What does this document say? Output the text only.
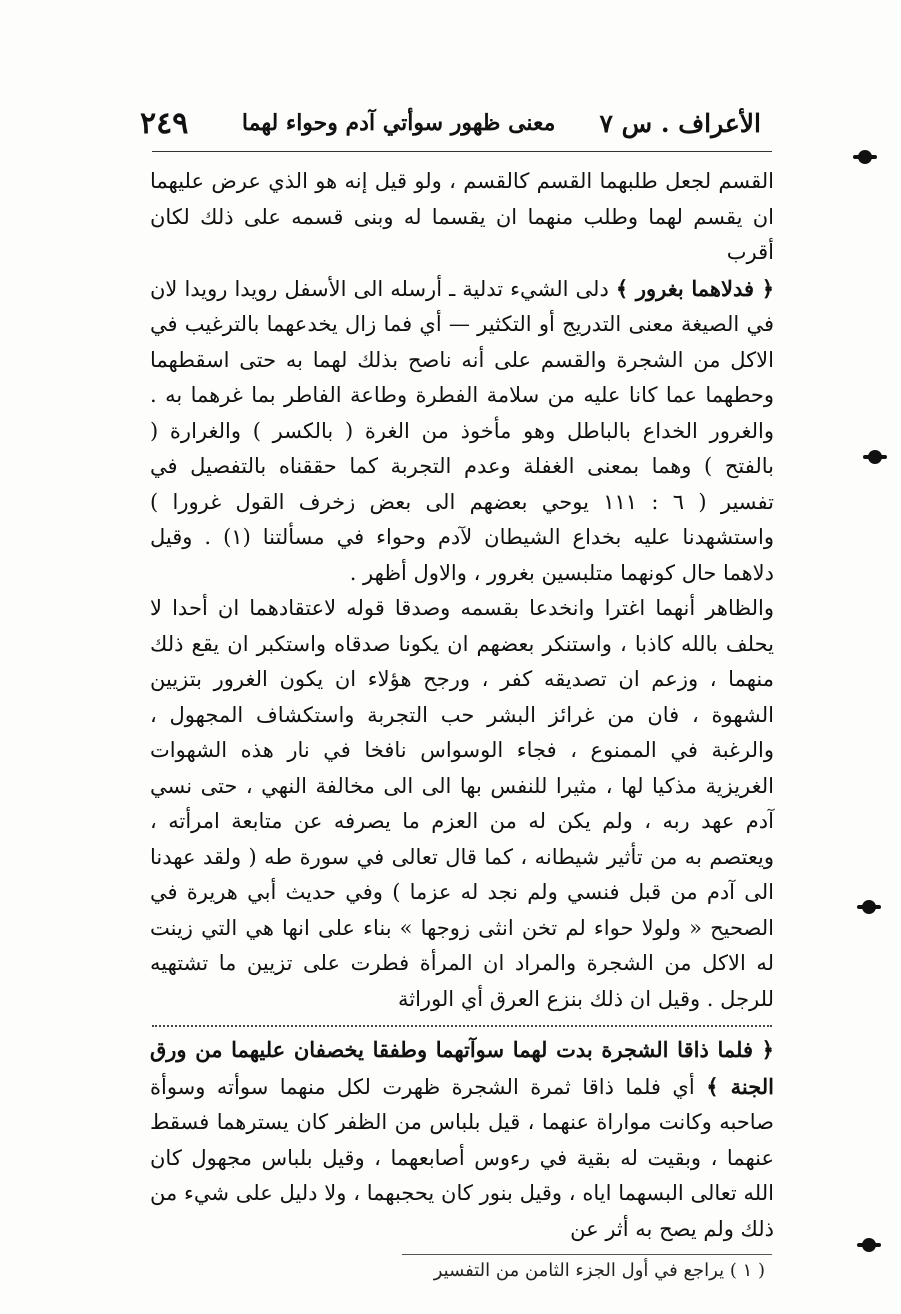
الأعراف . س ٧
معنى ظهور سوأتي آدم وحواء لهما
٢٤٩

القسم لجعل طلبهما القسم كالقسم ، ولو قيل إنه هو الذي عرض عليهما ان يقسم لهما وطلب منهما ان يقسما له وبنى قسمه على ذلك لكان أقرب

﴿ فدلاهما بغرور ﴾ دلى الشيء تدلية ـ أرسله الى الأسفل رويدا رويدا لان في الصيغة معنى التدريج أو التكثير — أي فما زال يخدعهما بالترغيب في الاكل من الشجرة والقسم على أنه ناصح بذلك لهما به حتى اسقطهما وحطهما عما كانا عليه من سلامة الفطرة وطاعة الفاطر بما غرهما به . والغرور الخداع بالباطل وهو مأخوذ من الغرة ( بالكسر ) والغرارة ( بالفتح ) وهما بمعنى الغفلة وعدم التجربة كما حققناه بالتفصيل في تفسير ( ٦ : ١١١ يوحي بعضهم الى بعض زخرف القول غرورا ) واستشهدنا عليه بخداع الشيطان لآدم وحواء في مسألتنا (١) . وقيل دلاهما حال كونهما متلبسين بغرور ، والاول أظهر .

والظاهر أنهما اغترا وانخدعا بقسمه وصدقا قوله لاعتقادهما ان أحدا لا يحلف بالله كاذبا ، واستنكر بعضهم ان يكونا صدقاه واستكبر ان يقع ذلك منهما ، وزعم ان تصديقه كفر ، ورجح هؤلاء ان يكون الغرور بتزيين الشهوة ، فان من غرائز البشر حب التجربة واستكشاف المجهول ، والرغبة في الممنوع ، فجاء الوسواس نافخا في نار هذه الشهوات الغريزية مذكيا لها ، مثيرا للنفس بها الى الى مخالفة النهي ، حتى نسي آدم عهد ربه ، ولم يكن له من العزم ما يصرفه عن متابعة امرأته ، ويعتصم به من تأثير شيطانه ، كما قال تعالى في سورة طه ( ولقد عهدنا الى آدم من قبل فنسي ولم نجد له عزما ) وفي حديث أبي هريرة في الصحيح « ولولا حواء لم تخن انثى زوجها » بناء على انها هي التي زينت له الاكل من الشجرة والمراد ان المرأة فطرت على تزيين ما تشتهيه للرجل . وقيل ان ذلك بنزع العرق أي الوراثة

﴿ فلما ذاقا الشجرة بدت لهما سوآتهما وطفقا يخصفان عليهما من ورق الجنة ﴾ أي فلما ذاقا ثمرة الشجرة ظهرت لكل منهما سوأته وسوأة صاحبه وكانت مواراة عنهما ، قيل بلباس من الظفر كان يسترهما فسقط عنهما ، وبقيت له بقية في رءوس أصابعهما ، وقيل بلباس مجهول كان الله تعالى البسهما اياه ، وقيل بنور كان يحجبهما ، ولا دليل على شيء من ذلك ولم يصح به أثر عن

( ١ ) يراجع في أول الجزء الثامن من التفسير
